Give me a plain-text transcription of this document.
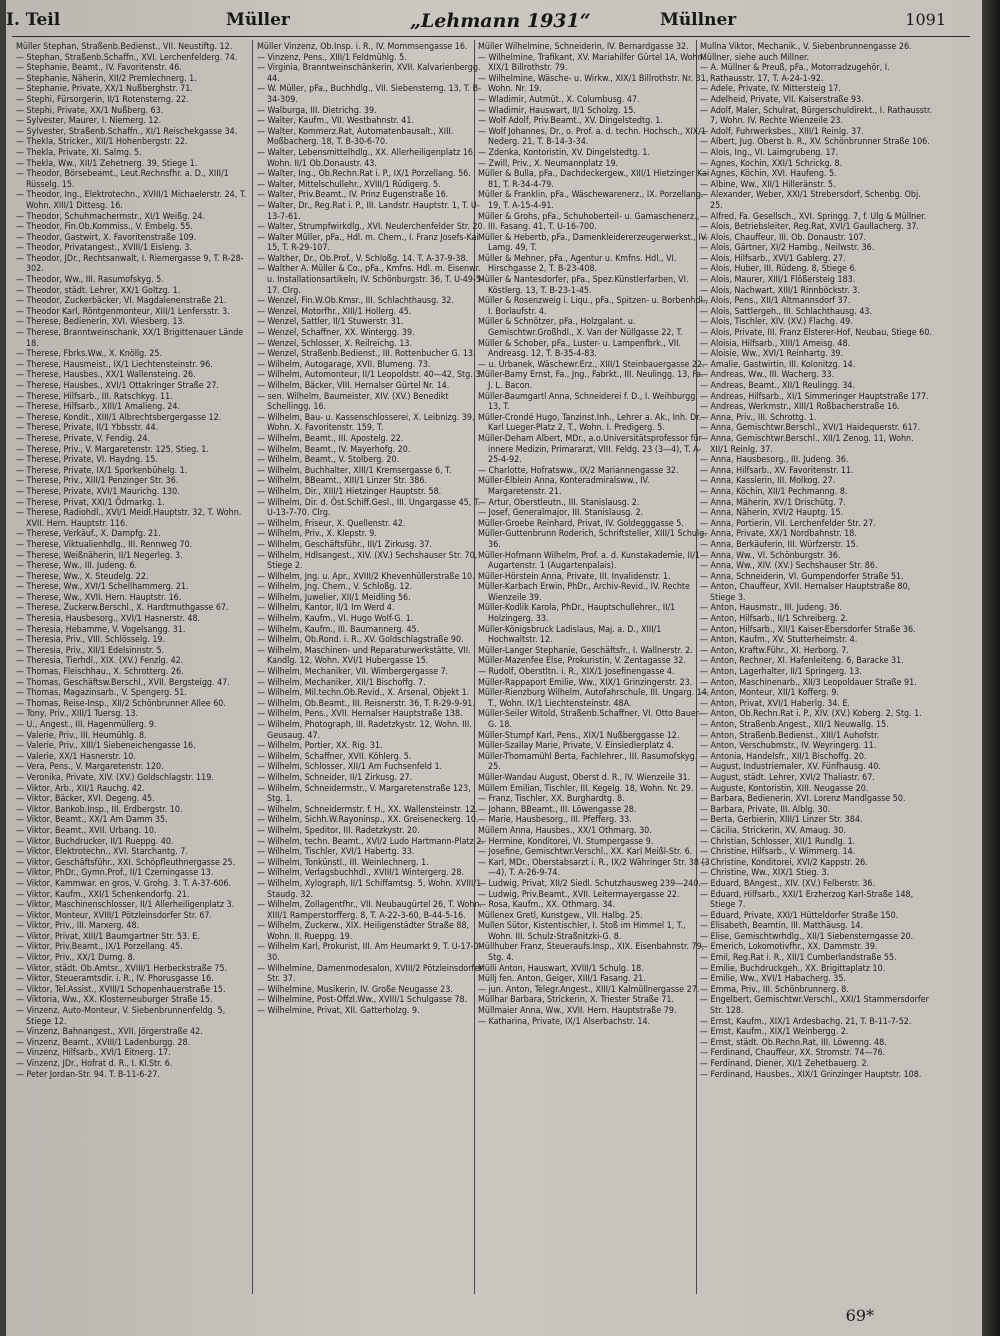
I. Teil	Müller	„Lehmann 1931“	Müllner	1091
Müller Stephan, Straßenb.Bedienst., VII. Neustiftg. 12.
— Stephan, Straßenb.Schaffn., XVI. Lerchenfelderg. 74.
— Stephanie, Beamt., IV. Favoritenstr. 46.
— Stephanie, Näherin, XII/2 Premlechnerg. 1.
— Stephanie, Private, XX/1 Nußberghstr. 71.
— Stephi, Fürsorgerin, II/1 Rotensterng. 22.
— Stephi, Private, XX/1 Nußberg. 63.
— Sylvester, Maurer, I. Niemerg. 12.
— Sylvester, Straßenb.Schaffn., XI/1 Reischekgasse 34.
— Thekla, Stricker., XII/1 Hohenbergstr. 22.
— Thekla, Private, XI. Salmg. 5.
— Thekla, Ww., XII/1 Zehetnerg. 39, Stiege 1.
— Theodor, Börsebeamt., Leut.Rechnsfhr. a. D., XIII/1 Rüsselg. 15.
— Theodor, Ing., Elektrotechn., XVIII/1 Michaelerstr. 24, T. Wohn. XIII/1 Dittesg. 16.
— Theodor, Schuhmachermstr., XI/1 Weißg. 24.
— Theodor, Fin.Ob.Kommiss., V. Embelg. 55.
— Theodor, Gastwirt, X. Favoritenstraße 109.
— Theodor, Privatangest., XVIII/1 Eisleng. 3.
— Theodor, JDr., Rechtsanwalt, I. Riemergasse 9, T. R-28-302.
— Theodor, Ww., III. Rasumofskyg. 5.
— Theodor, städt. Lehrer, XX/1 Goltzg. 1.
— Theodor, Zuckerbäcker, VI. Magdalenenstraße 21.
— Theodor Karl, Röntgenmonteur, XIII/1 Lenfersstr. 3.
— Therese, Bedienerin, XVI. Wiesberg. 13.
— Therese, Branntweinschank, XX/1 Brigittenauer Lände 18.
— Therese, Fbrks.Ww., X. Knöllg. 25.
— Therese, Hausmeist., IX/1 Liechtensteinstr. 96.
— Therese, Hausbes., XX/1 Wallensteing. 26.
— Therese, Hausbes., XVI/1 Ottakringer Straße 27.
— Therese, Hilfsarb., III. Ratschkyg. 11.
— Therese, Hilfsarb., XIII/1 Amalieng. 24.
— Therese, Kondit., XIII/1 Albrechtsbergergasse 12.
— Therese, Private, II/1 Ybbsstr. 44.
— Therese, Private, V. Fendig. 24.
— Therese, Priv., V. Margaretenstr. 125, Stieg. 1.
— Therese, Private, VI. Haydng. 15.
— Therese, Private, IX/1 Sporkenbühelg. 1.
— Therese, Priv., XIII/1 Penzinger Str. 36.
— Therese, Private, XVI/1 Maurichg. 130.
— Therese, Privat, XXI/1 Ödmarkg. 1.
— Therese, Radiohdl., XVI/1 Meidl.Hauptstr. 32, T. Wohn. XVII. Hern. Hauptstr. 116.
— Therese, Verkäuf., X. Dampfg. 21.
— Therese, Viktualienhdlg., III. Rennweg 70.
— Therese, Weißnäherin, II/1 Negerleg. 3.
— Therese, Ww., III. Judeng. 6.
— Therese, Ww., X. Steudelg. 22.
— Therese, Ww., XVI/1 Schellhammerg. 21.
— Therese, Ww., XVII. Hern. Hauptstr. 16.
— Therese, Zuckerw.Berschl., X. Hardtmuthgasse 67.
— Theresia, Hausbesorg., XVI/1 Hasnerstr. 48.
— Theresia, Hebamme, V. Vogelsangg. 31.
— Theresia, Priv., VIII. Schlösselg. 19.
— Theresia, Priv., XII/1 Edelsinnstr. 5.
— Theresia, Tierhdl., XIX. (XV.) Fenzlg. 42.
— Thomas, Fleischhau., X. Schrotterg. 26.
— Thomas, Geschäftsw.Berschl., XVII. Bergsteigg. 47.
— Thomas, Magazinsarb., V. Spengerg. 51.
— Thomas, Reise-Insp., XII/2 Schönbrunner Allee 60.
— Tony, Priv., XIII/1 Tuersg. 13.
— U., Angest., III. Hagenmüllerg. 9.
— Valerie, Priv., III. Heumühlg. 8.
— Valerie, Priv., XIII/1 Siebeneichengasse 16.
— Valerie, XX/1 Hasnerstr. 10.
— Vera, Pens., V. Margaretenstr. 120.
— Veronika, Private, XIV. (XV.) Goldschlagstr. 119.
— Viktor, Arb., XII/1 Rauchg. 42.
— Viktor, Bäcker, XVI. Degeng. 45.
— Viktor, Bankob.Insp., III. Erdbergstr. 10.
— Viktor, Beamt., XX/1 Am Damm 35.
— Viktor, Beamt., XVII. Urbang. 10.
— Viktor, Buchdrucker, II/1 Rueppg. 40.
— Viktor, Elektrotechn., XVI. Starchantg. 7.
— Viktor, Geschäftsführ., XXI. Schöpfleuthnergasse 25.
— Viktor, PhDr., Gymn.Prof., II/1 Czerningasse 13.
— Viktor, Kammwar. en gros, V. Grohg. 3. T. A-37-606.
— Viktor, Kaufm., XXI/1 Schenkendorfg. 21.
— Viktor, Maschinenschlosser, II/1 Allerheiligenplatz 3.
— Viktor, Monteur, XVIII/1 Pötzleinsdorfer Str. 67.
— Viktor, Priv., III. Marxerg. 48.
— Viktor, Privat, XIII/1 Baumgartner Str. 53. E.
— Viktor, Priv.Beamt., IX/1 Porzellang. 45.
— Viktor, Priv., XX/1 Durng. 8.
— Viktor, städt. Ob.Amtsr., XVIII/1 Herbeckstraße 75.
— Viktor, Steueramtsdir. i. R., IV. Phorusgasse 16.
— Viktor, Tel.Assist., XVIII/1 Schopenhauerstraße 15.
— Viktoria, Ww., XX. Klosterneuburger Straße 15.
— Vinzenz, Auto-Monteur, V. Siebenbrunnenfeldg. 5, Stiege 12.
— Vinzenz, Bahnangest., XVII. Jörgerstraße 42.
— Vinzenz, Beamt., XVIII/1 Ladenburgg. 28.
— Vinzenz, Hilfsarb., XVI/1 Eitnerg. 17.
— Vinzenz, JDr., Hofrat d. R., I. Kl.Str. 6.
— Peter Jordan-Str. 94. T. B-11-6-27.
Müller Vinzenz, Ob.Insp. i. R., IV. Mommsengasse 16.
— Vinzenz, Pens., XIII/1 Feldmühlg. 5.
— Virginia, Branntweinschänkerin, XVII. Kalvarienbergg. 44.
— W. Müller, pFa., Buchhdlg., VII. Siebensterng. 13, T. B-34-309.
— Walburga, III. Dietrichg. 39.
— Walter, Kaufm., VII. Westbahnstr. 41.
— Walter, Kommerz.Rat, Automatenbausalt., XIII. Moßbacherg. 18, T. B-30-6-70.
— Walter, Lebensmittelhdlg., XX. Allerheiligenplatz 16, Wohn. II/1 Ob.Donaustr. 43.
— Walter, Ing., Ob.Rechn.Rat i. P., IX/1 Porzellang. 56.
— Walter, Mittelschullehr., XVIII/1 Rüdigerg. 5.
— Walter, Priv.Beamt., IV. Prinz Eugenstraße 16.
— Walter, Dr., Reg.Rat i. P., III. Landstr. Hauptstr. 1, T. U-13-7-61.
— Walter, Strumpfwirkdlg., XVI. Neulerchenfelder Str. 20.
— Walter Müller, pFa., Hdl. m. Chem., I. Franz Josefs-Kai 15, T. R-29-107.
— Walther, Dr., Ob.Prof., V. Schloßg. 14. T. A-37-9-38.
— Walther A. Müller & Co., pFa., Kmfns. Hdl. m. Eisenwr. u. Installationsartikeln, IV. Schönburgstr. 36, T. U-49-5-17. Clrg.
— Wenzel, Fin.W.Ob.Kmsr., III. Schlachthausg. 32.
— Wenzel, Motorfhr., XIII/1 Hollerg. 45.
— Wenzel, Sattler, II/1 Stuwerstr. 31.
— Wenzel, Schaffner, XX. Wintergg. 39.
— Wenzel, Schlosser, X. Reilreichg. 13.
— Wenzel, Straßenb.Bedienst., III. Rottenbucher G. 13.
— Wilhelm, Autogarage, XVII. Blumeng. 73.
— Wilhelm, Automonteur, II/1 Leopoldstr. 40—42, Stg. 3.
— Wilhelm, Bäcker, VIII. Hernalser Gürtel Nr. 14.
— sen. Wilhelm, Baumeister, XIV. (XV.) Benedikt Schellingg. 16.
— Wilhelm, Bau- u. Kassenschlosserei, X. Leibnizg. 39, Wohn. X. Favoritenstr. 159, T.
— Wilhelm, Beamt., III. Apostelg. 22.
— Wilhelm, Beamt., IV. Mayerhofg. 20.
— Wilhelm, Beamt., V. Stolberg. 20.
— Wilhelm, Buchhalter, XIII/1 Kremsergasse 6, T.
— Wilhelm, BBeamt., XIII/1 Linzer Str. 386.
— Wilhelm, Dir., XIII/1 Hietzinger Hauptstr. 58.
— Wilhelm, Dir. d. Öst.Schiff.Gesl., III. Ungargasse 45, T. U-13-7-70. Clrg.
— Wilhelm, Friseur, X. Quellenstr. 42.
— Wilhelm, Priv., X. Klepstr. 9.
— Wilhelm, Geschäftsführ., III/1 Zirkusg. 37.
— Wilhelm, Hdlsangest., XIV. (XV.) Sechshauser Str. 70, Stiege 2.
— Wilhelm, Jng. u. Apr., XVIII/2 Khevenhüllerstraße 10.
— Wilhelm, Jng. Chem., V. Schloßg. 12.
— Wilhelm, Juwelier, XII/1 Meidling 56.
— Wilhelm, Kantor, II/1 Im Werd 4.
— Wilhelm, Kaufm., VI. Hugo Wolf-G. 1.
— Wilhelm, Kaufm., III. Baumannerg. 45.
— Wilhelm, Ob.Rond. i. R., XV. Goldschlagstraße 90.
— Wilhelm, Maschinen- und Reparaturwerkstätte, VII. Kandlg. 12, Wohn. XVI/1 Hubergasse 15.
— Wilhelm, Mechaniker, VII. Wimbergergasse 7.
— Wilhelm, Mechaniker, XII/1 Bischoffg. 7.
— Wilhelm, Mil.techn.Ob.Revid., X. Arsenal, Objekt 1.
— Wilhelm, Ob.Beamt., III. Reisnerstr. 36, T. R-29-9-91.
— Wilhelm, Pens., XVII. Hernalser Hauptstraße 138.
— Wilhelm, Photograph, III. Radetzkystr. 12, Wohn. III. Geusaug. 47.
— Wilhelm, Portier, XX. Rig. 31.
— Wilhelm, Schaffner, XVII. Köhlerg. 5.
— Wilhelm, Schlosser, XII/1 Am Fuchsenfeld 1.
— Wilhelm, Schneider, II/1 Zirkusg. 27.
— Wilhelm, Schneidermstr., V. Margaretenstraße 123, Stg. 1.
— Wilhelm, Schneidermstr. f. H., XX. Wallensteinstr. 12.
— Wilhelm, Sichh.W.Rayoninsp., XX. Greiseneckerg. 10.
— Wilhelm, Speditor, III. Radetzkystr. 20.
— Wilhelm, techn. Beamt., XVI/2 Ludo Hartmann-Platz 2.
— Wilhelm, Tischler, XVI/1 Habertg. 33.
— Wilhelm, Tonkünstl., III. Weinlechnerg. 1.
— Wilhelm, Verlagsbuchhdl., XVIII/1 Wintergerg. 28.
— Wilhelm, Xylograph, II/1 Schiffamtsg. 5, Wohn. XVIII/1 Staudg. 32.
— Wilhelm, Zollagentfhr., VII. Neubaugürtel 26, T. Wohn. XIII/1 Ramperstorfferg. 8, T. A-22-3-60, B-44-5-16.
— Wilhelm, Zuckerw., XIX. Heiligenstädter Straße 88, Wohn. II. Rueppg. 19.
— Wilhelm Karl, Prokurist, III. Am Heumarkt 9, T. U-17-0-30.
— Wilhelmine, Damenmodesalon, XVIII/2 Pötzleinsdorfer Str. 37.
— Wilhelmine, Musikerin, IV. Große Neugasse 23.
— Wilhelmine, Post-Offzl.Ww., XVIII/1 Schulgasse 78.
— Wilhelmine, Privat, XII. Gatterholzg. 9.
Müller Wilhelmine, Schneiderin, IV. Bernardgasse 32.
— Wilhelmine, Trafikant, XV. Mariahilfer Gürtel 1A, Wohn. XIX/1 Billrothstr. 79.
— Wilhelmine, Wäsche- u. Wirkw., XIX/1 Billrothstr. Nr. 31, Wohn. Nr. 19.
— Wladimir, Autmüt., X. Columbusg. 47.
— Wladimir, Hauswart, II/1 Scholzg. 15.
— Wolf Adolf, Priv.Beamt., XV. Dingelstedtg. 1.
— Wolf Johannes, Dr., o. Prof. a. d. techn. Hochsch., XIX/1 Nederg. 21, T. B-14-3-34.
— Zdenka, Kontoristin, XV. Dingelstedtg. 1.
— Zwill, Priv., X. Neumannplatz 19.
Müller & Bulla, pFa., Dachdeckergew., XIII/1 Hietzinger Kai 81, T. R-34-4-79.
Müller & Franklin, pFa., Wäschewarenerz., IX. Porzellang. 19, T. A-15-4-91.
Müller & Grohs, pFa., Schuhoberteil- u. Gamaschenerz., III. Fasang. 41, T. U-16-700.
Müller & Hebertb, pFa., Damenkleidererzeugerwerkst., IV. Lamg. 49, T.
Müller & Mehner, pFa., Agentur u. Kmfns. Hdl., VI. Hirschgasse 2, T. B-23-408.
Müller & Nantesdorfer, pFa., Spez.Künstlerfarben, VI. Köstlerg. 13, T. B-23-1-45.
Müller & Rosenzweig i. Liqu., pFa., Spitzen- u. Borbenhdl., I. Borlaufstr. 4.
Müller & Schnötzer, pFa., Holzgalant. u. Gemischtwr.Großhdl., X. Van der Nüllgasse 22, T.
Müller & Schober, pFa., Luster- u. Lampenfbrk., VII. Andreasg. 12, T. B-35-4-83.
— u. Urbanek, Wäschewr.Erz., XIII/1 Steinbauergasse 22.
Müller-Bamy Ernst, Fa., Jng., Fabrkt., III. Neulingg. 13, Fa. J. L. Bacon.
Müller-Baumgartl Anna, Schneiderei f. D., I. Weihburgg. 13, T.
Müller-Crondé Hugo, Tanzinst.Inh., Lehrer a. Ak., Inh. Dr. Karl Lueger-Platz 2, T., Wohn. I. Predigerg. 5.
Müller-Deham Albert, MDr., a.o.Universitätsprofessor für innere Medizin, Primararzt, VIII. Feldg. 23 (3—4), T. A-25-4-92.
— Charlotte, Hofratsww., IX/2 Mariannengasse 32.
Müller-Elblein Anna, Konteradmiralsww., IV. Margaretenstr. 21.
— Artur, Oberstleutn., III. Stanislausg. 2.
— Josef, Generalmajor, III. Stanislausg. 2.
Müller-Groebe Reinhard, Privat, IV. Goldegggasse 5.
Müller-Guttenbrunn Roderich, Schriftsteller, XIII/1 Schulg. 36.
Müller-Hofmann Wilhelm, Prof. a. d. Kunstakademie, II/1 Augartenstr. 1 (Augartenpalais).
Müller-Hörstein Anna, Private, III. Invalidenstr. 1.
Müller-Karbach Erwin, PhDr., Archiv-Revid., IV. Rechte Wienzeile 39.
Müller-Kodlik Karola, PhDr., Hauptschullehrer., II/1 Holzingerg. 33.
Müller-Königsbruck Ladislaus, Maj. a. D., XIII/1 Hochwaltstr. 12.
Müller-Langer Stephanie, Geschäftsfr., I. Wallnerstr. 2.
Müller-Mazenfee Else, Prokuristin, V. Zentagasse 32.
— Rudolf, Oberstltn. i. R., XIX/1 Josefinengasse 4.
Müller-Rappaport Emilie, Ww., XIX/1 Grinzingerstr. 23.
Müller-Rienzburg Wilhelm, Autofahrschule, III. Ungarg. 14, T., Wohn. IX/1 Liechtensteinstr. 48A.
Müller-Seiler Witold, Straßenb.Schaffner, VI. Otto Bauer-G. 18.
Müller-Stumpf Karl, Pens., XIX/1 Nußberggasse 12.
Müller-Szallay Marie, Private, V. Einsiedlerplatz 4.
Müller-Thomamühl Berta, Fachlehrer., III. Rasumofskyg. 25.
Müller-Wandau August, Oberst d. R., IV. Wienzeile 31.
Müllern Emilian, Tischler, III. Kegelg. 18, Wohn. Nr. 29.
— Franz, Tischler, XX. Burghardtg. 8.
— Johann, BBeamt., III. Löwengasse 28.
— Marie, Hausbesorg., III. Pfefferg. 33.
Müllern Anna, Hausbes., XX/1 Othmarg. 30.
— Hermine, Konditorei, VI. Stumpergasse 9.
— Josefine, Gemischtwr.Verschl., XX. Karl Meißl-Str. 6.
— Karl, MDr., Oberstabsarzt i. R., IX/2 Währinger Str. 38 (3—4), T. A-26-9-74.
— Ludwig, Privat, XII/2 Siedl. Schutzhausweg 239—240.
— Ludwig, Priv.Beamt., XVII. Leitermayergasse 22.
— Rosa, Kaufm., XX. Othmarg. 34.
Müllenex Gretl, Kunstgew., VII. Halbg. 25.
Mullen Sütor, Kistentischler, I. Stoß im Himmel 1, T., Wohn. III. Schulz-Straßnitzki-G. 8.
Müllhuber Franz, Steueraufs.Insp., XIX. Eisenbahnstr. 79, Stg. 4.
Mülli Anton, Hauswart, XVIII/1 Schulg. 18.
Müllj fen. Anton, Geiger, XIII/1 Fasang. 21.
— jun. Anton, Telegr.Angest., XIII/1 Kalmüllnergasse 27.
Müllhar Barbara, Strickerin, X. Triester Straße 71.
Müllmaier Anna, Ww., XVII. Hern. Hauptstraße 79.
— Katharina, Private, IX/1 Alserbachstr. 14.
Mullna Viktor, Mechanik., V. Siebenbrunnengasse 26.
Müllner, siehe auch Millner.
— A. Müllner & Preuß, pFa., Motorradzugehör, I. Rathausstr. 17, T. A-24-1-92.
— Adele, Private, IV. Mittersteig 17.
— Adelheid, Private, VII. Kaiserstraße 93.
— Adolf, Maler, Schulrat, Bürgerschuldirekt., I. Rathausstr. 7, Wohn. IV. Rechte Wienzeile 23.
— Adolf, Fuhrwerksbes., XIII/1 Reinlg. 37.
— Albert, Jug. Oberst b. R., XV. Schönbrunner Straße 106.
— Alois, Ing., VI. Laimgrubeng. 17.
— Agnes, Kochin, XXI/1 Schrickg. 8.
— Agnes, Köchin, XVI. Haufeng. 5.
— Albine, Ww., XII/1 Hilleränstr. 5.
— Alexander, Weber, XXI/1 Strebersdorf, Schenbg. Obj. 25.
— Alfred, Fa. Gesellsch., XVI. Springg. 7, f. Ulg & Müllner.
— Alois, Betriebsleiter, Reg.Rat, XVI/1 Gaullacherg. 37.
— Alois, Chauffeur, III. Ob. Donaustr. 107.
— Alois, Gärtner, XI/2 Hambg., Neilwstr. 36.
— Alois, Hilfsarb., XVI/1 Gablerg. 27.
— Alois, Huber, III. Rüdeng. 8, Stiege 6.
— Alois, Maurer, XIII/1 Flößersteig 183.
— Alois, Nachwart, XIII/1 Rinnböckstr. 3.
— Alois, Pens., XII/1 Altmannsdorf 37.
— Alois, Sattlergeh., III. Schlachthausg. 43.
— Alois, Tischler, XIV. (XV.) Flachg. 49.
— Alois, Private, III. Franz Elsterer-Hof, Neubau, Stiege 60.
— Aloisia, Hilfsarb., XIII/1 Ameisg. 48.
— Aloisie, Ww., XVI/1 Reinhartg. 39.
— Amalie, Gastwirtin, III. Kolonitzg. 14.
— Andreas, Ww., III. Wacherg. 33.
— Andreas, Beamt., XII/1 Reulingg. 34.
— Andreas, Hilfsarb., XI/1 Simmeringer Hauptstraße 177.
— Andreas, Werkmstr., XIII/1 Roßbacherstraße 16.
— Anna, Priv., III. Schrottg. 1.
— Anna, Gemischtwr.Berschl., XVI/1 Haidequerstr. 617.
— Anna, Gemischtwr.Berschl., XII/1 Zenog. 11, Wohn. XII/1 Reinlg. 37.
— Anna, Hausbesorg., III. Judeng. 36.
— Anna, Hilfsarb., XV. Favoritenstr. 11.
— Anna, Kassierin, III. Molkog. 27.
— Anna, Köchin, XII/1 Pechmanng. 8.
— Anna, Mäherin, XV/1 Drischütg. 7.
— Anna, Näherin, XVI/2 Hauptg. 15.
— Anna, Portierin, VII. Lerchenfelder Str. 27.
— Anna, Private, XX/1 Nordbahnstr. 18.
— Anna, Berkäuferin, III. Würfzerstr. 15.
— Anna, Ww., VI. Schönburgstr. 36.
— Anna, Ww., XIV. (XV.) Sechshauser Str. 86.
— Anna, Schneiderin, VI. Gumpendorfer Straße 51.
— Anton, Chauffeur, XVII. Hernalser Hauptstraße 80, Stiege 3.
— Anton, Hausmstr., III. Judeng. 36.
— Anton, Hilfsarb., II/1 Schreiberg. 2.
— Anton, Hilfsarb., XII/1 Kaiser-Ebersdorfer Straße 36.
— Anton, Kaufm., XV. Stutterheimstr. 4.
— Anton, Kraftw.Führ., XI. Herborg. 7.
— Anton, Rechner, XI. Hafenleiteng. 6, Baracke 31.
— Anton, Lagerhalter, II/1 Springerg. 13.
— Anton, Maschinenarb., XII/3 Leopoldauer Straße 91.
— Anton, Monteur, XII/1 Kofferg. 9.
— Anton, Privat, XVI/1 Haberlg. 34. E.
— Anton, Ob.Rechn.Rat i. P., XIV. (XV.) Koberg. 2, Stg. 1.
— Anton, Straßenb.Angest., XII/1 Neuwallg. 15.
— Anton, Straßenb.Bedienst., XIII/1 Auhofstr.
— Anton, Verschubmstr., IV. Weyringerg. 11.
— Antonia, Handelsfr., XII/1 Bischoffg. 20.
— August, Industriemaler, XV. Fünfhausg. 40.
— August, städt. Lehrer, XVI/2 Thaliastr. 67.
— Auguste, Kontoristin, XIII. Neugasse 20.
— Barbara, Bedienerin, XVI. Lorenz Mandlgasse 50.
— Barbara, Private, III. Alblg. 30.
— Berta, Gerbierin, XIII/1 Linzer Str. 384.
— Cäcilia, Strickerin, XV. Amaug. 30.
— Christian, Schlosser, XII/1 Rundlg. 1.
— Christine, Hilfsarb., V. Wimmerg. 14.
— Christine, Konditorei, XVI/2 Kappstr. 26.
— Christine, Ww., XIX/1 Stieg. 3.
— Eduard, BAngest., XIV. (XV.) Felberstr. 36.
— Eduard, Hilfsarb., XXI/1 Erzherzog Karl-Straße 148, Stiege 7.
— Eduard, Private, XXI/1 Hütteldorfer Straße 150.
— Elisabeth, Beamtin, III. Matthäusg. 14.
— Elise, Gemischtwrhdlg., XII/1 Siebensterngasse 20.
— Emerich, Lokomotivfhr., XX. Dammstr. 39.
— Emil, Reg.Rat i. R., XII/1 Cumberlandstraße 55.
— Emilie, Buchdruckgeh., XX. Brigittaplatz 10.
— Emilie, Ww., XVI/1 Habacherg. 35.
— Emma, Priv., III. Schönbrunnerg. 8.
— Engelbert, Gemischtwr.Verschl., XXI/1 Stammersdorfer Str. 128.
— Ernst, Kaufm., XIX/1 Ardesbachg. 21, T. B-11-7-52.
— Ernst, Kaufm., XIX/1 Weinbergg. 2.
— Ernst, städt. Ob.Rechn.Rat, III. Löwenng. 48.
— Ferdinand, Chauffeur, XX. Stromstr. 74—76.
— Ferdinand, Diener, XI/1 Zehetbauerg. 2.
— Ferdinand, Hausbes., XIX/1 Grinzinger Hauptstr. 108.
69*
